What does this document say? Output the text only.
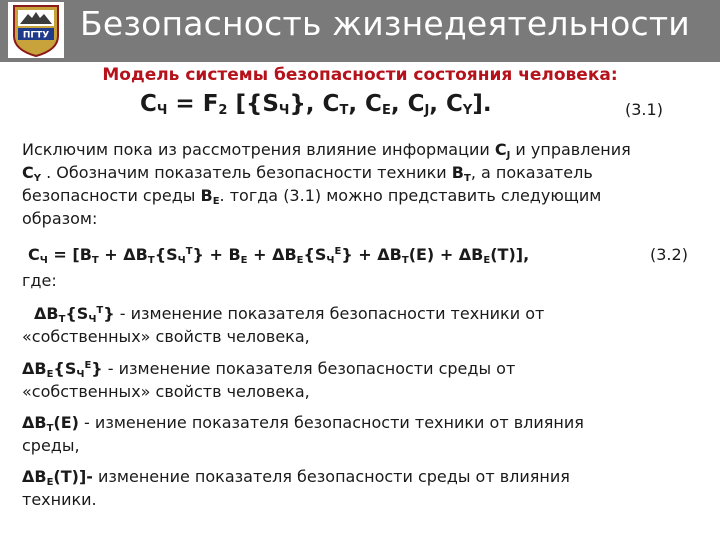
ПГТУ Безопасность жизнедеятельности
Модель системы безопасности состояния человека:
$C_Ч = F_2$ [$\{S_Ч\}$, $C_T$, $C_E$, $C_J$, $C_Y$].	(3.1)
Исключим пока из рассмотрения влияние информации $С_J$ и управления
$С_Y$ . Обозначим показатель безопасности техники $В_Т$, а показатель
безопасности среды $В_Е$. тогда (3.1) можно представить следующим
образом:
$C_Ч = [B_T + \Delta B_T\{S_Ч^T\} + B_E + \Delta B_E\{S_Ч^E\} + \Delta B_T(E) + \Delta B_E(T)]$,	(3.2)
где:
$\Delta B_T\{S_Ч^T\}$ - изменение показателя безопасности техники от
«собственных» свойств человека,
$\Delta B_E\{S_Ч^E\}$ - изменение показателя безопасности среды от
«собственных» свойств человека,
$\Delta B_T(E)$ - изменение показателя безопасности техники от влияния
среды,
$\Delta B_E(T)]-$ изменение показателя безопасности среды от влияния
техники.
